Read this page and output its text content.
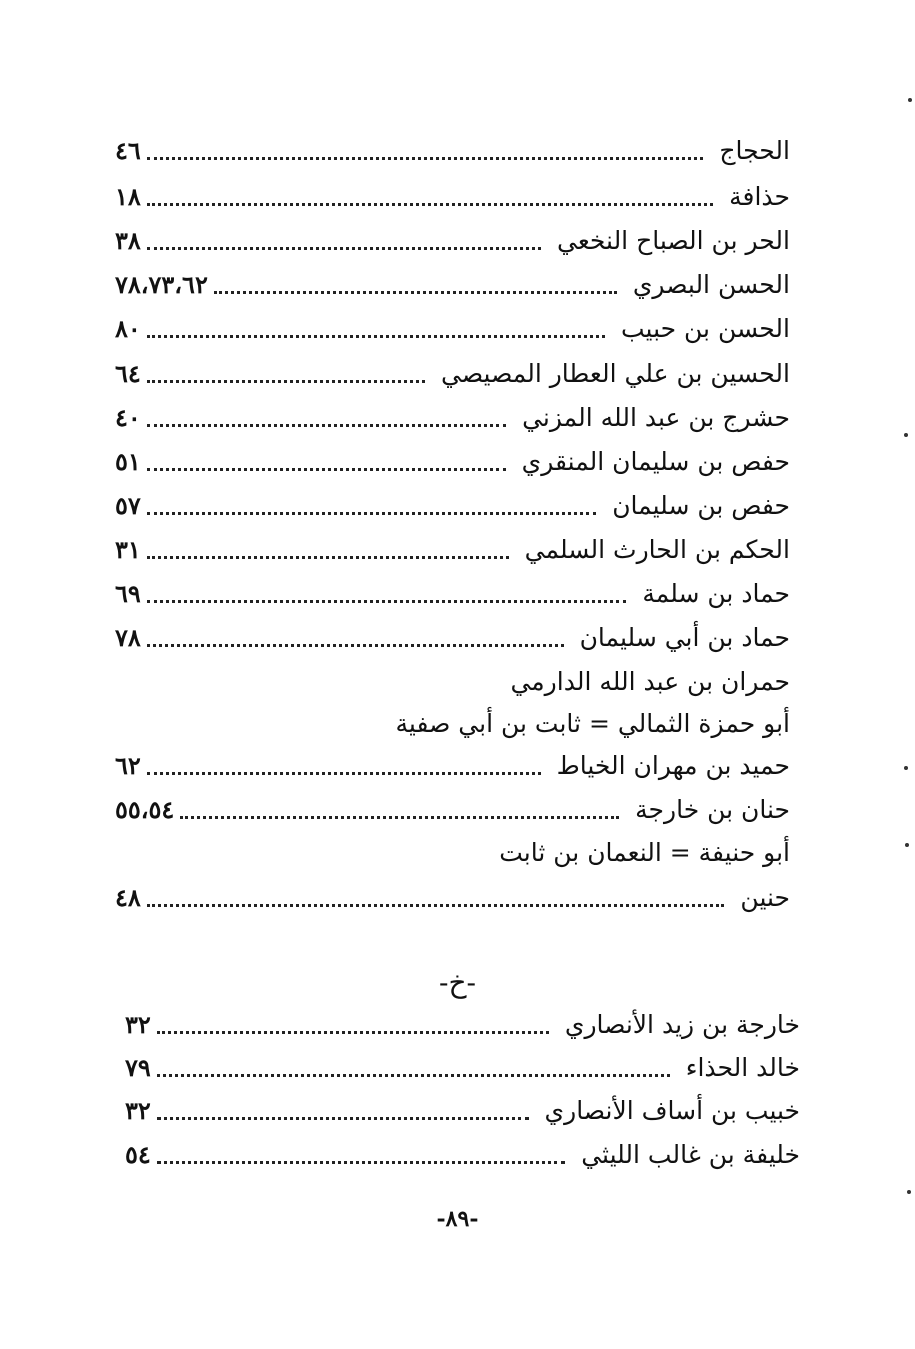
الحجاج
٤٦
حذافة
١٨
الحر بن الصباح النخعي
٣٨
الحسن البصري
٧٨،٧٣،٦٢
الحسن بن حبيب
٨٠
الحسين بن علي العطار المصيصي
٦٤
حشرج بن عبد الله المزني
٤٠
حفص بن سليمان المنقري
٥١
حفص بن سليمان
٥٧
الحكم بن الحارث السلمي
٣١
حماد بن سلمة
٦٩
حماد بن أبي سليمان
٧٨
حمران بن عبد الله الدارمي
أبو حمزة الثمالي = ثابت بن أبي صفية
حميد بن مهران الخياط
٦٢
حنان بن خارجة
٥٥،٥٤
أبو حنيفة = النعمان بن ثابت
حنين
٤٨
-خ-
خارجة بن زيد الأنصاري
٣٢
خالد الحذاء
٧٩
خبيب بن أساف الأنصاري
٣٢
خليفة بن غالب الليثي
٥٤
-٨٩-
